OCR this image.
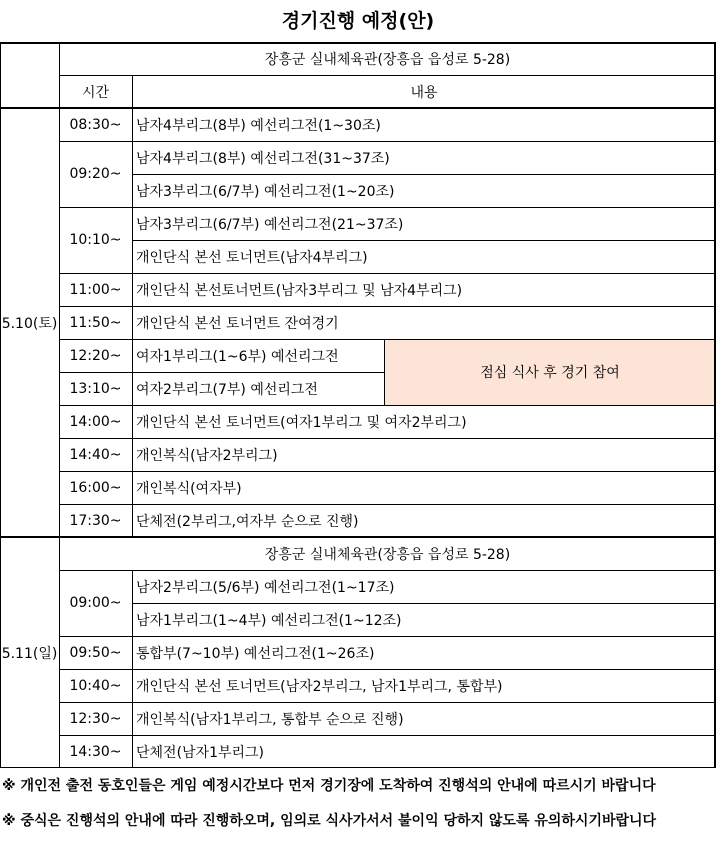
경기진행 예정(안)
5.10(토)
장흥군 실내체육관(장흥읍 읍성로 5-28)
시간	내용
08:30~
09:20~
10:10~
11:00~
11:50~
12:20~
13:10~
14:00~
14:40~
16:00~
17:30~
남자4부리그(8부) 예선리그전(1~30조)
남자4부리그(8부) 예선리그전(31~37조)
남자3부리그(6/7부) 예선리그전(1~20조)
남자3부리그(6/7부) 예선리그전(21~37조)
개인단식 본선 토너먼트(남자4부리그)
개인단식 본선토너먼트(남자3부리그 및 남자4부리그)
개인단식 본선 토너먼트 잔여경기
여자1부리그(1~6부) 예선리그전
여자2부리그(7부) 예선리그전
점심 식사 후 경기 참여
개인단식 본선 토너먼트(여자1부리그 및 여자2부리그)
개인복식(남자2부리그)
개인복식(여자부)
단체전(2부리그,여자부 순으로 진행)
5.11(일)
장흥군 실내체육관(장흥읍 읍성로 5-28)
09:00~
09:50~
10:40~
12:30~
14:30~
남자2부리그(5/6부) 예선리그전(1~17조)
남자1부리그(1~4부) 예선리그전(1~12조)
통합부(7~10부) 예선리그전(1~26조)
개인단식 본선 토너먼트(남자2부리그, 남자1부리그, 통합부)
개인복식(남자1부리그, 통합부 순으로 진행)
단체전(남자1부리그)
※ 개인전 출전 동호인들은 게임 예정시간보다 먼저 경기장에 도착하여 진행석의 안내에 따르시기 바랍니다
※ 중식은 진행석의 안내에 따라 진행하오며, 임의로 식사가서서 불이익 당하지 않도록 유의하시기바랍니다
